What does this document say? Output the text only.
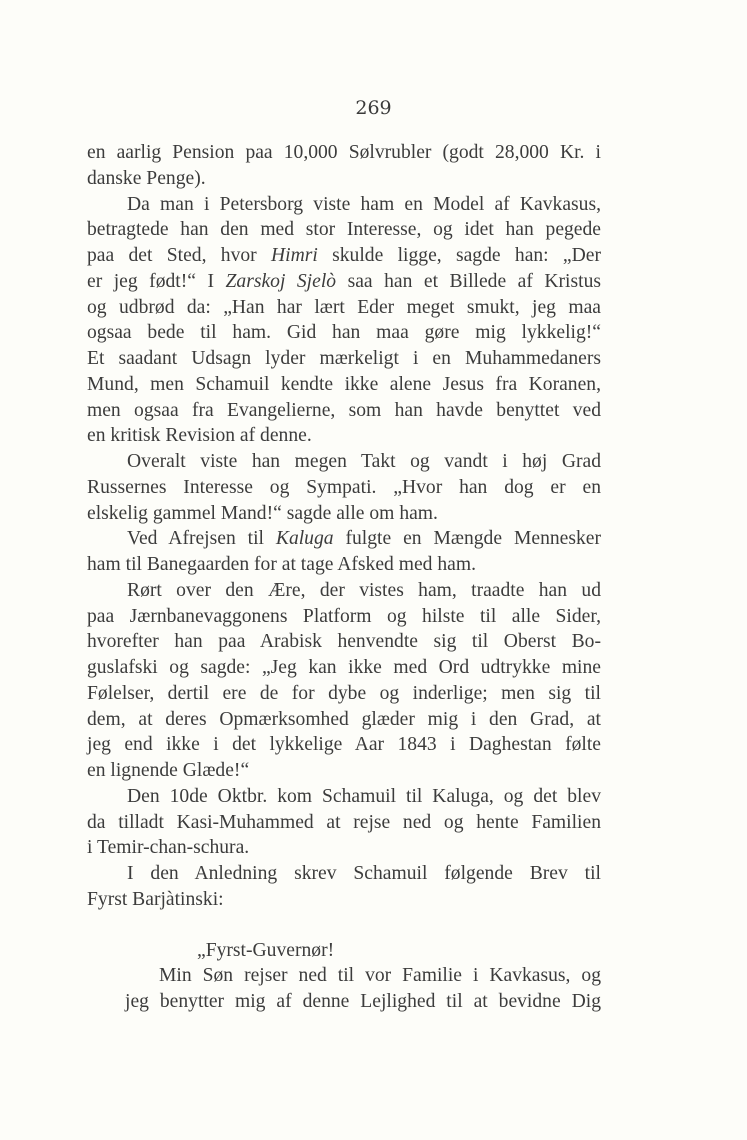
269
en aarlig Pension paa 10,000 Sølvrubler (godt 28,000 Kr. i
danske Penge).
Da man i Petersborg viste ham en Model af Kavkasus,
betragtede han den med stor Interesse, og idet han pegede
paa det Sted, hvor Himri skulde ligge, sagde han: „Der
er jeg født!“ I Zarskoj Sjelò saa han et Billede af Kristus
og udbrød da: „Han har lært Eder meget smukt, jeg maa
ogsaa bede til ham. Gid han maa gøre mig lykkelig!“
Et saadant Udsagn lyder mærkeligt i en Muhammedaners
Mund, men Schamuil kendte ikke alene Jesus fra Koranen,
men ogsaa fra Evangelierne, som han havde benyttet ved
en kritisk Revision af denne.
Overalt viste han megen Takt og vandt i høj Grad
Russernes Interesse og Sympati. „Hvor han dog er en
elskelig gammel Mand!“ sagde alle om ham.
Ved Afrejsen til Kaluga fulgte en Mængde Mennesker
ham til Banegaarden for at tage Afsked med ham.
Rørt over den Ære, der vistes ham, traadte han ud
paa Jærnbanevaggonens Platform og hilste til alle Sider,
hvorefter han paa Arabisk henvendte sig til Oberst Bo-
guslafski og sagde: „Jeg kan ikke med Ord udtrykke mine
Følelser, dertil ere de for dybe og inderlige; men sig til
dem, at deres Opmærksomhed glæder mig i den Grad, at
jeg end ikke i det lykkelige Aar 1843 i Daghestan følte
en lignende Glæde!“
Den 10de Oktbr. kom Schamuil til Kaluga, og det blev
da tilladt Kasi-Muhammed at rejse ned og hente Familien
i Temir-chan-schura.
I den Anledning skrev Schamuil følgende Brev til
Fyrst Barjàtinski:
„Fyrst-Guvernør!
Min Søn rejser ned til vor Familie i Kavkasus, og
jeg benytter mig af denne Lejlighed til at bevidne Dig
